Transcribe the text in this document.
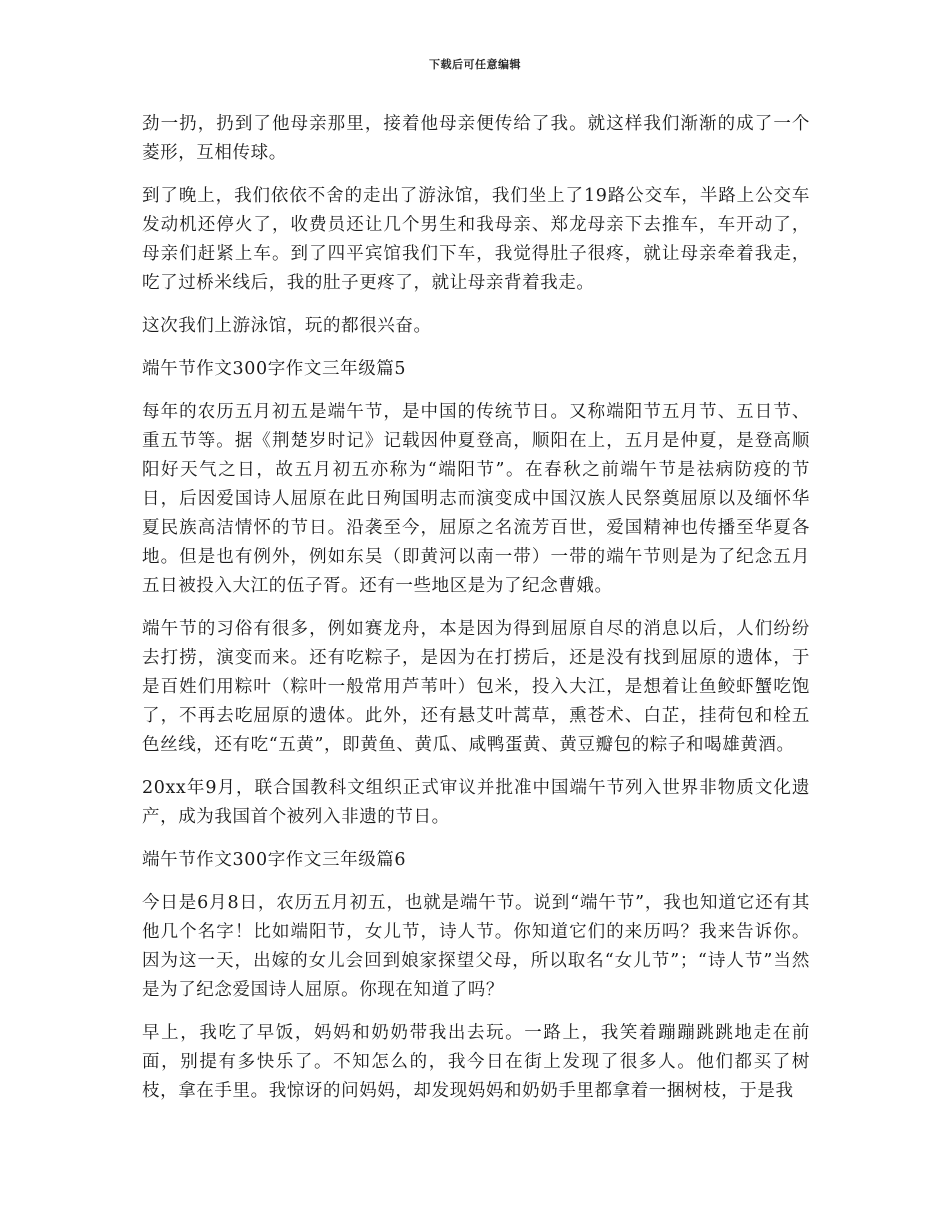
下载后可任意编辑

劲一扔，扔到了他母亲那里，接着他母亲便传给了我。就这样我们渐渐的成了一个菱形，互相传球。

到了晚上，我们依依不舍的走出了游泳馆，我们坐上了19路公交车，半路上公交车发动机还停火了，收费员还让几个男生和我母亲、郑龙母亲下去推车，车开动了，母亲们赶紧上车。到了四平宾馆我们下车，我觉得肚子很疼，就让母亲牵着我走，吃了过桥米线后，我的肚子更疼了，就让母亲背着我走。

这次我们上游泳馆，玩的都很兴奋。

端午节作文300字作文三年级篇5

每年的农历五月初五是端午节，是中国的传统节日。又称端阳节五月节、五日节、重五节等。据《荆楚岁时记》记载因仲夏登高，顺阳在上，五月是仲夏，是登高顺阳好天气之日，故五月初五亦称为“端阳节”。在春秋之前端午节是祛病防疫的节日，后因爱国诗人屈原在此日殉国明志而演变成中国汉族人民祭奠屈原以及缅怀华夏民族高洁情怀的节日。沿袭至今，屈原之名流芳百世，爱国精神也传播至华夏各地。但是也有例外，例如东吴（即黄河以南一带）一带的端午节则是为了纪念五月五日被投入大江的伍子胥。还有一些地区是为了纪念曹娥。

端午节的习俗有很多，例如赛龙舟，本是因为得到屈原自尽的消息以后，人们纷纷去打捞，演变而来。还有吃粽子，是因为在打捞后，还是没有找到屈原的遗体，于是百姓们用粽叶（粽叶一般常用芦苇叶）包米，投入大江，是想着让鱼鲛虾蟹吃饱了，不再去吃屈原的遗体。此外，还有悬艾叶蒿草，熏苍术、白芷，挂荷包和栓五色丝线，还有吃“五黄”，即黄鱼、黄瓜、咸鸭蛋黄、黄豆瓣包的粽子和喝雄黄酒。

20xx年9月，联合国教科文组织正式审议并批准中国端午节列入世界非物质文化遗产，成为我国首个被列入非遗的节日。

端午节作文300字作文三年级篇6

今日是6月8日，农历五月初五，也就是端午节。说到“端午节”，我也知道它还有其他几个名字！比如端阳节，女儿节，诗人节。你知道它们的来历吗？我来告诉你。因为这一天，出嫁的女儿会回到娘家探望父母，所以取名“女儿节”；“诗人节”当然是为了纪念爱国诗人屈原。你现在知道了吗？

早上，我吃了早饭，妈妈和奶奶带我出去玩。一路上，我笑着蹦蹦跳跳地走在前面，别提有多快乐了。不知怎么的，我今日在街上发现了很多人。他们都买了树枝，拿在手里。我惊讶的问妈妈，却发现妈妈和奶奶手里都拿着一捆树枝，于是我
